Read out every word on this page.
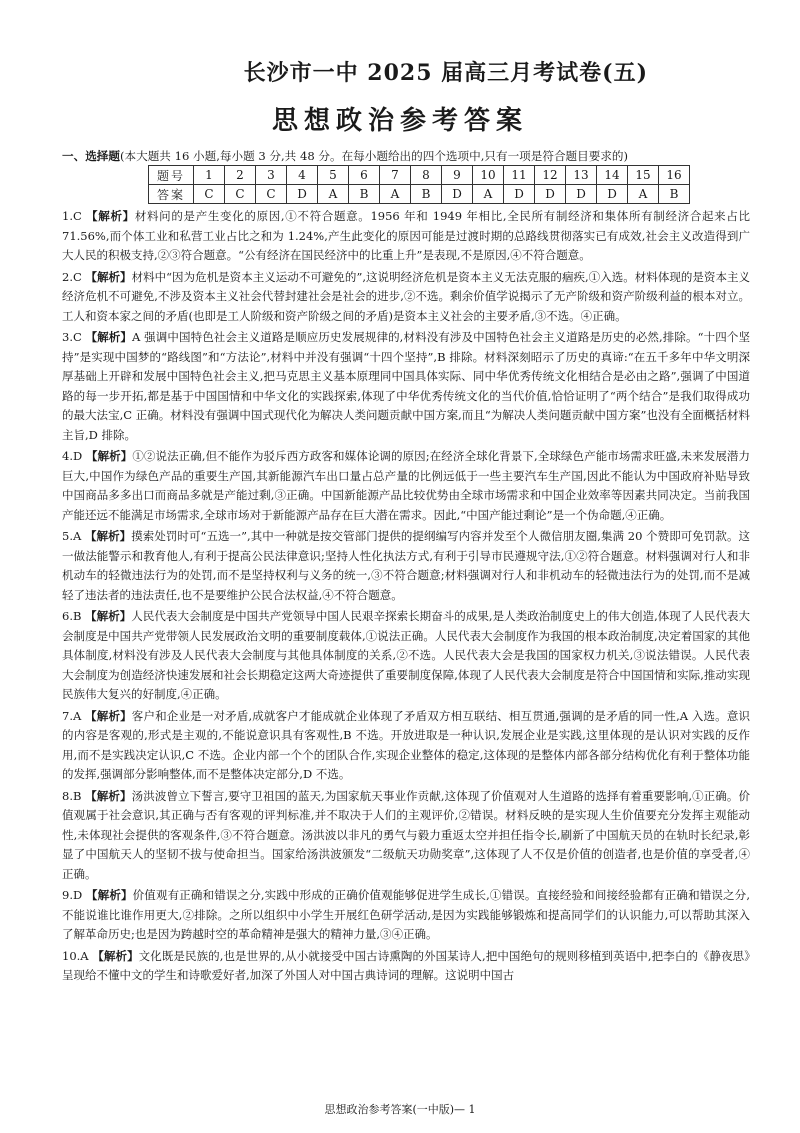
长沙市一中 2025 届高三月考试卷(五)
思想政治参考答案
一、选择题(本大题共 16 小题,每小题 3 分,共 48 分。在每小题给出的四个选项中,只有一项是符合题目要求的)
题号	1	2	3	4	5	6	7	8	9	10	11	12	13	14	15	16
答案	C	C	C	D	A	B	A	B	D	A	D	D	D	D	A	B

1.C 【解析】材料问的是产生变化的原因,①不符合题意。1956 年和 1949 年相比,全民所有制经济和集体所有制经济合起来占比 71.56%,而个体工业和私营工业占比之和为 1.24%,产生此变化的原因可能是过渡时期的总路线贯彻落实已有成效,社会主义改造得到广大人民的积极支持,②③符合题意。“公有经济在国民经济中的比重上升”是表现,不是原因,④不符合题意。

2.C 【解析】材料中“因为危机是资本主义运动不可避免的”,这说明经济危机是资本主义无法克服的痼疾,①入选。材料体现的是资本主义经济危机不可避免,不涉及资本主义社会代替封建社会是社会的进步,②不选。剩余价值学说揭示了无产阶级和资产阶级利益的根本对立。工人和资本家之间的矛盾(也即是工人阶级和资产阶级之间的矛盾)是资本主义社会的主要矛盾,③不选。④正确。

3.C 【解析】A 强调中国特色社会主义道路是顺应历史发展规律的,材料没有涉及中国特色社会主义道路是历史的必然,排除。“十四个坚持”是实现中国梦的“路线图”和“方法论”,材料中并没有强调“十四个坚持”,B 排除。材料深刻昭示了历史的真谛:“在五千多年中华文明深厚基础上开辟和发展中国特色社会主义,把马克思主义基本原理同中国具体实际、同中华优秀传统文化相结合是必由之路”,强调了中国道路的每一步开拓,都是基于中国国情和中华文化的实践探索,体现了中华优秀传统文化的当代价值,恰恰证明了“两个结合”是我们取得成功的最大法宝,C 正确。材料没有强调中国式现代化为解决人类问题贡献中国方案,而且“为解决人类问题贡献中国方案”也没有全面概括材料主旨,D 排除。

4.D 【解析】①②说法正确,但不能作为驳斥西方政客和媒体论调的原因;在经济全球化背景下,全球绿色产能市场需求旺盛,未来发展潜力巨大,中国作为绿色产品的重要生产国,其新能源汽车出口量占总产量的比例远低于一些主要汽车生产国,因此不能认为中国政府补贴导致中国商品多多出口而商品多就是产能过剩,③正确。中国新能源产品比较优势由全球市场需求和中国企业效率等因素共同决定。当前我国产能还远不能满足市场需求,全球市场对于新能源产品存在巨大潜在需求。因此,“中国产能过剩论”是一个伪命题,④正确。

5.A 【解析】摸索处罚时可“五选一”,其中一种就是按交管部门提供的提纲编写内容并发至个人微信朋友圈,集满 20 个赞即可免罚款。这一做法能警示和教育他人,有利于提高公民法律意识;坚持人性化执法方式,有利于引导市民遵规守法,①②符合题意。材料强调对行人和非机动车的轻微违法行为的处罚,而不是坚持权利与义务的统一,③不符合题意;材料强调对行人和非机动车的轻微违法行为的处罚,而不是减轻了违法者的违法责任,也不是要维护公民合法权益,④不符合题意。

6.B 【解析】人民代表大会制度是中国共产党领导中国人民艰辛探索长期奋斗的成果,是人类政治制度史上的伟大创造,体现了人民代表大会制度是中国共产党带领人民发展政治文明的重要制度载体,①说法正确。人民代表大会制度作为我国的根本政治制度,决定着国家的其他具体制度,材料没有涉及人民代表大会制度与其他具体制度的关系,②不选。人民代表大会是我国的国家权力机关,③说法错误。人民代表大会制度为创造经济快速发展和社会长期稳定这两大奇迹提供了重要制度保障,体现了人民代表大会制度是符合中国国情和实际,推动实现民族伟大复兴的好制度,④正确。

7.A 【解析】客户和企业是一对矛盾,成就客户才能成就企业体现了矛盾双方相互联结、相互贯通,强调的是矛盾的同一性,A 入选。意识的内容是客观的,形式是主观的,不能说意识具有客观性,B 不选。开放进取是一种认识,发展企业是实践,这里体现的是认识对实践的反作用,而不是实践决定认识,C 不选。企业内部一个个的团队合作,实现企业整体的稳定,这体现的是整体内部各部分结构优化有利于整体功能的发挥,强调部分影响整体,而不是整体决定部分,D 不选。

8.B 【解析】汤洪波曾立下誓言,要守卫祖国的蓝天,为国家航天事业作贡献,这体现了价值观对人生道路的选择有着重要影响,①正确。价值观属于社会意识,其正确与否有客观的评判标准,并不取决于人们的主观评价,②错误。材料反映的是实现人生价值要充分发挥主观能动性,未体现社会提供的客观条件,③不符合题意。汤洪波以非凡的勇气与毅力重返太空并担任指令长,刷新了中国航天员的在轨时长纪录,彰显了中国航天人的坚韧不拔与使命担当。国家给汤洪波颁发“二级航天功勋奖章”,这体现了人不仅是价值的创造者,也是价值的享受者,④正确。

9.D 【解析】价值观有正确和错误之分,实践中形成的正确价值观能够促进学生成长,①错误。直接经验和间接经验都有正确和错误之分,不能说谁比谁作用更大,②排除。之所以组织中小学生开展红色研学活动,是因为实践能够锻炼和提高同学们的认识能力,可以帮助其深入了解革命历史;也是因为跨越时空的革命精神是强大的精神力量,③④正确。

10.A 【解析】文化既是民族的,也是世界的,从小就接受中国古诗熏陶的外国某诗人,把中国绝句的规则移植到英语中,把李白的《静夜思》呈现给不懂中文的学生和诗歌爱好者,加深了外国人对中国古典诗词的理解。这说明中国古

思想政治参考答案(一中版)— 1
